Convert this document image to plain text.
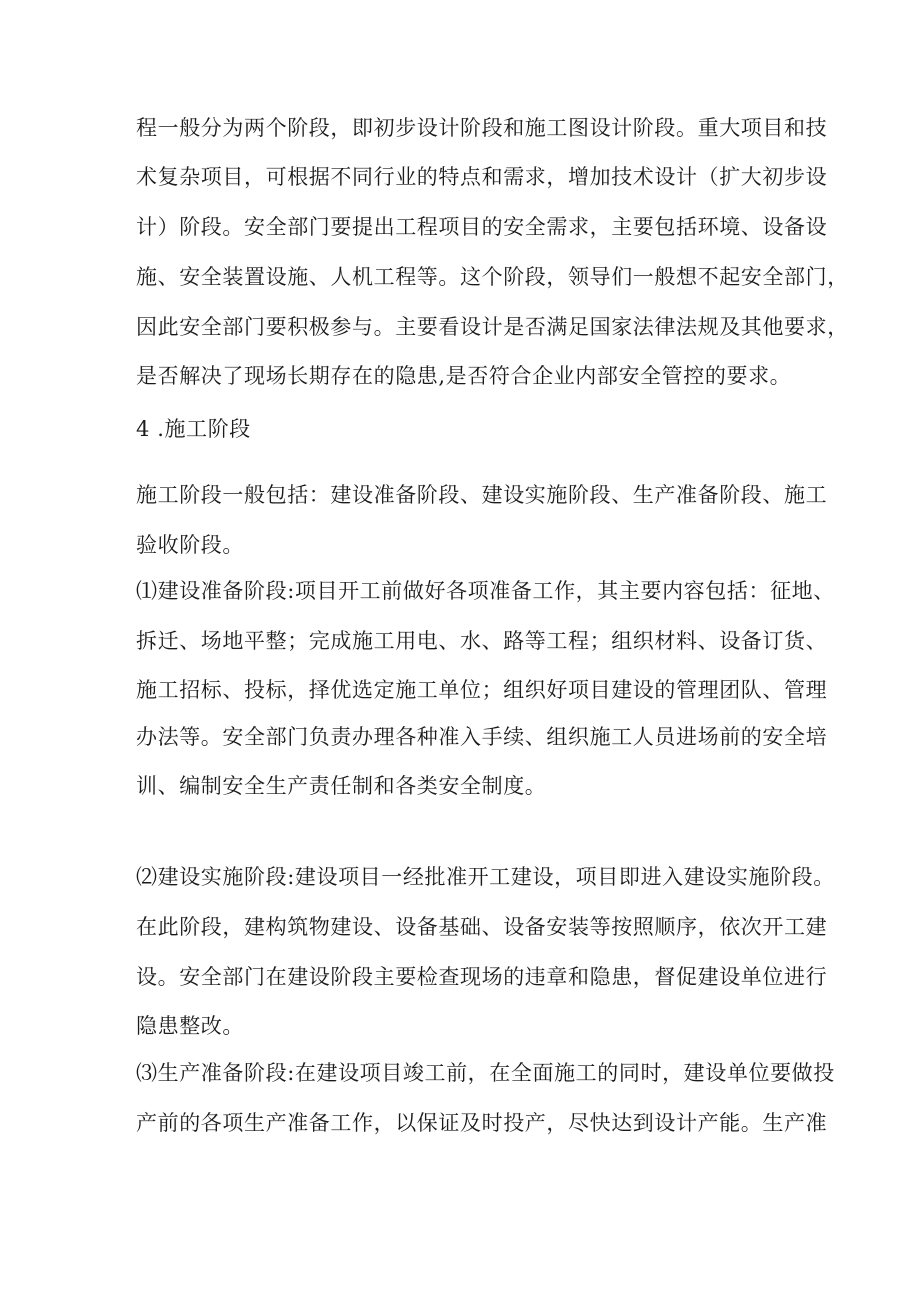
程一般分为两个阶段，即初步设计阶段和施工图设计阶段。重大项目和技
术复杂项目，可根据不同行业的特点和需求，增加技术设计（扩大初步设
计）阶段。安全部门要提出工程项目的安全需求，主要包括环境、设备设
施、安全装置设施、人机工程等。这个阶段，领导们一般想不起安全部门，
因此安全部门要积极参与。主要看设计是否满足国家法律法规及其他要求，
是否解决了现场长期存在的隐患,是否符合企业内部安全管控的要求。
4 .施工阶段
施工阶段一般包括：建设准备阶段、建设实施阶段、生产准备阶段、施工
验收阶段。
⑴建设准备阶段:项目开工前做好各项准备工作，其主要内容包括：征地、
拆迁、场地平整；完成施工用电、水、路等工程；组织材料、设备订货、
施工招标、投标，择优选定施工单位；组织好项目建设的管理团队、管理
办法等。安全部门负责办理各种准入手续、组织施工人员进场前的安全培
训、编制安全生产责任制和各类安全制度。
⑵建设实施阶段:建设项目一经批准开工建设，项目即进入建设实施阶段。
在此阶段，建构筑物建设、设备基础、设备安装等按照顺序，依次开工建
设。安全部门在建设阶段主要检查现场的违章和隐患，督促建设单位进行
隐患整改。
⑶生产准备阶段:在建设项目竣工前，在全面施工的同时，建设单位要做投
产前的各项生产准备工作，以保证及时投产，尽快达到设计产能。生产准
